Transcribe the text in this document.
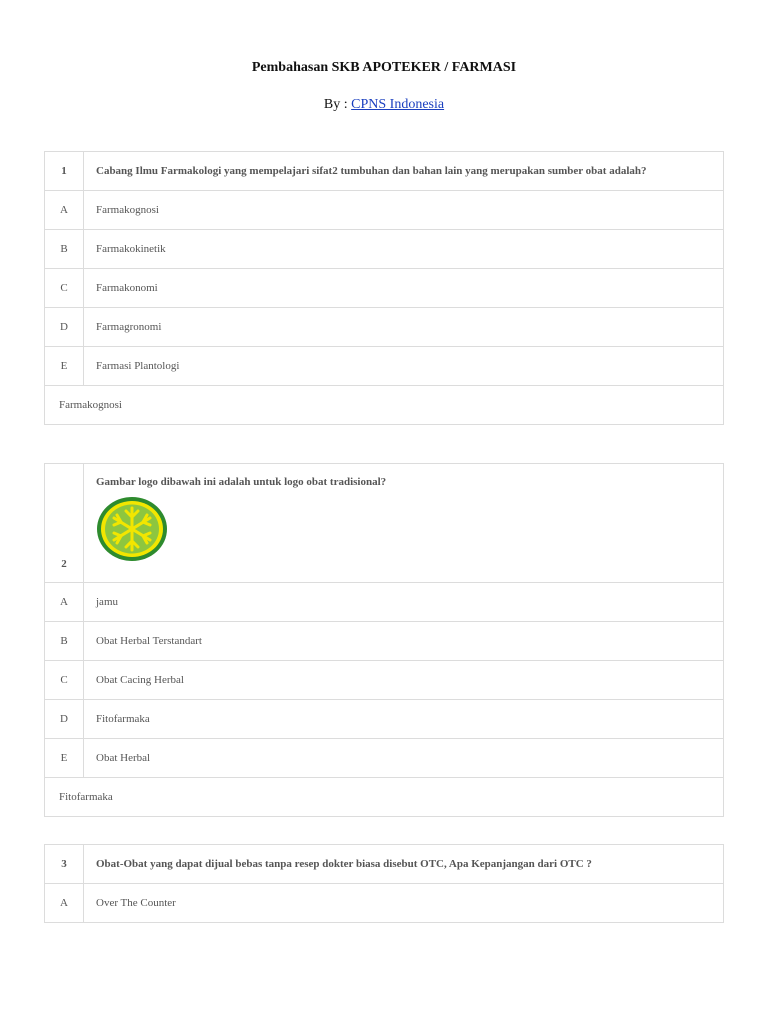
Pembahasan SKB APOTEKER / FARMASI
By : CPNS Indonesia
1	Cabang Ilmu Farmakologi yang mempelajari sifat2 tumbuhan dan bahan lain yang merupakan sumber obat adalah?
A	Farmakognosi
B	Farmakokinetik
C	Farmakonomi
D	Farmagronomi
E	Farmasi Plantologi
Farmakognosi	
2	Gambar logo dibawah ini adalah untuk logo obat tradisional?

A	jamu
B	Obat Herbal Terstandart
C	Obat Cacing Herbal
D	Fitofarmaka
E	Obat Herbal
Fitofarmaka	
3	Obat-Obat yang dapat dijual bebas tanpa resep dokter biasa disebut OTC, Apa Kepanjangan dari OTC ?
A	Over The Counter
